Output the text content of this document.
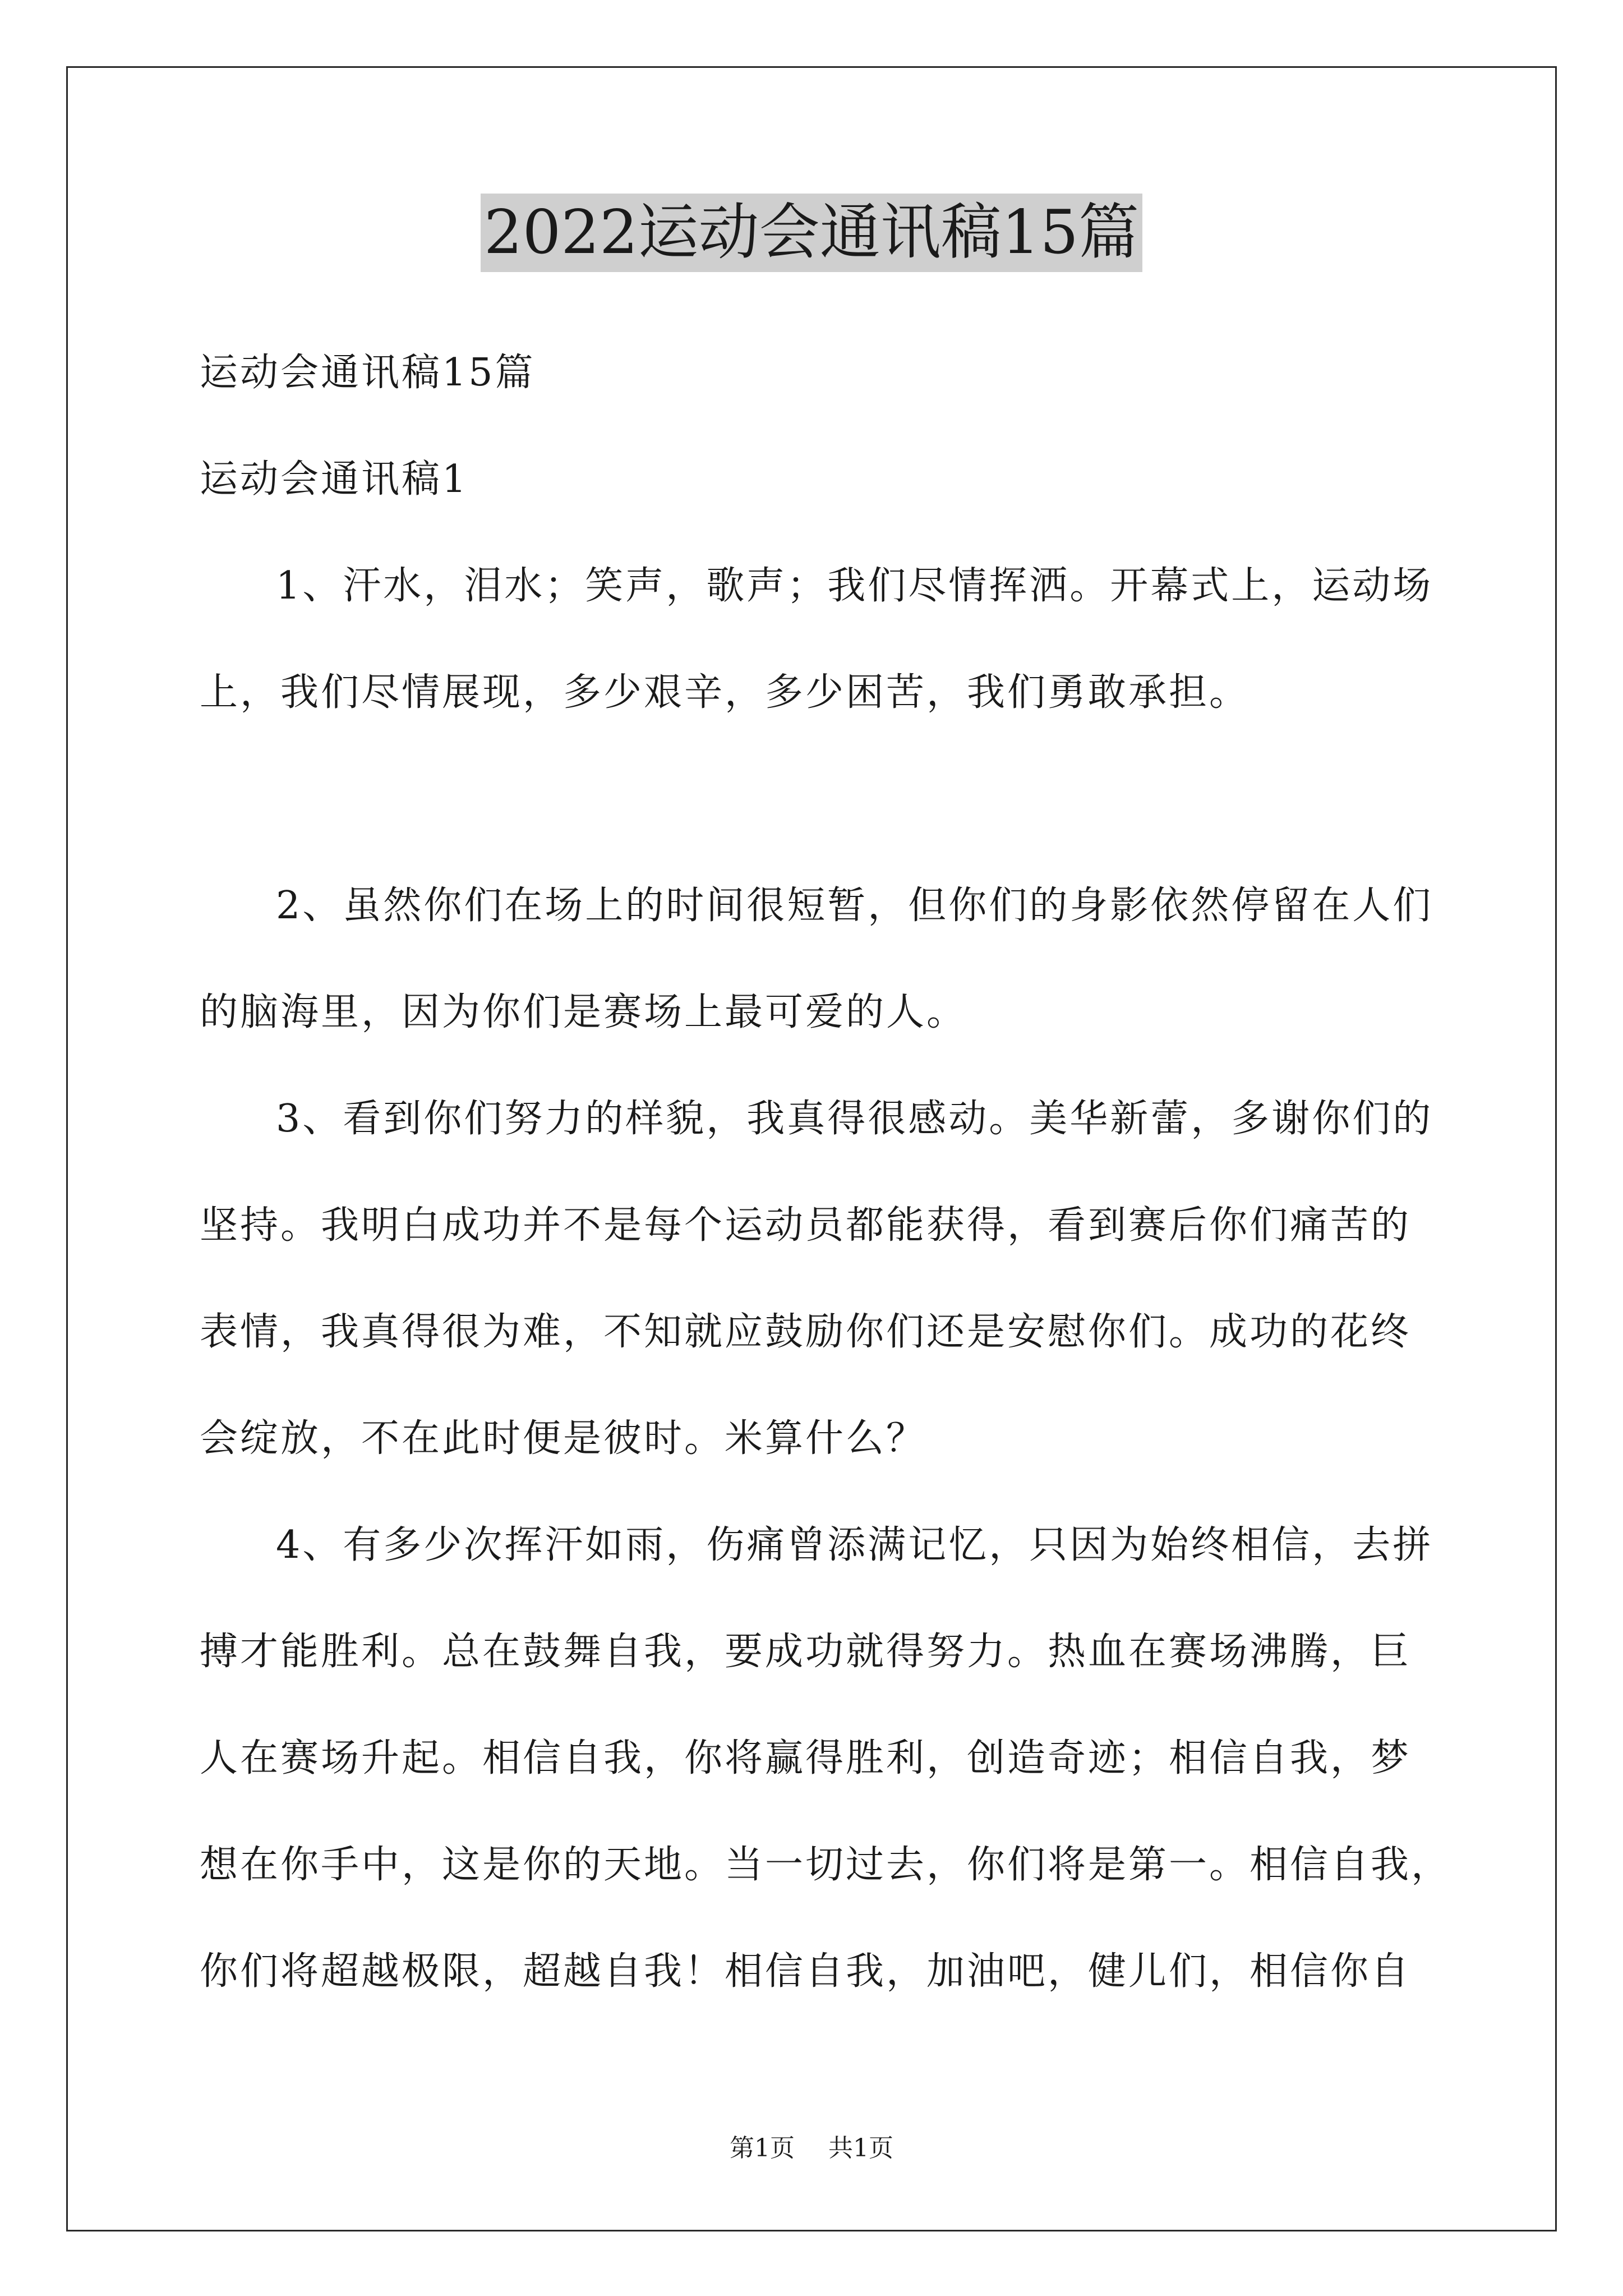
2022运动会通讯稿15篇
运动会通讯稿15篇
运动会通讯稿1
1、汗水，泪水；笑声，歌声；我们尽情挥洒。开幕式上，运动场
上，我们尽情展现，多少艰辛，多少困苦，我们勇敢承担。
2、虽然你们在场上的时间很短暂，但你们的身影依然停留在人们
的脑海里，因为你们是赛场上最可爱的人。
3、看到你们努力的样貌，我真得很感动。美华新蕾，多谢你们的
坚持。我明白成功并不是每个运动员都能获得，看到赛后你们痛苦的
表情，我真得很为难，不知就应鼓励你们还是安慰你们。成功的花终
会绽放，不在此时便是彼时。米算什么？
4、有多少次挥汗如雨，伤痛曾添满记忆，只因为始终相信，去拼
搏才能胜利。总在鼓舞自我，要成功就得努力。热血在赛场沸腾，巨
人在赛场升起。相信自我，你将赢得胜利，创造奇迹；相信自我，梦
想在你手中，这是你的天地。当一切过去，你们将是第一。相信自我，
你们将超越极限，超越自我！相信自我，加油吧，健儿们，相信你自
第1页 共1页
